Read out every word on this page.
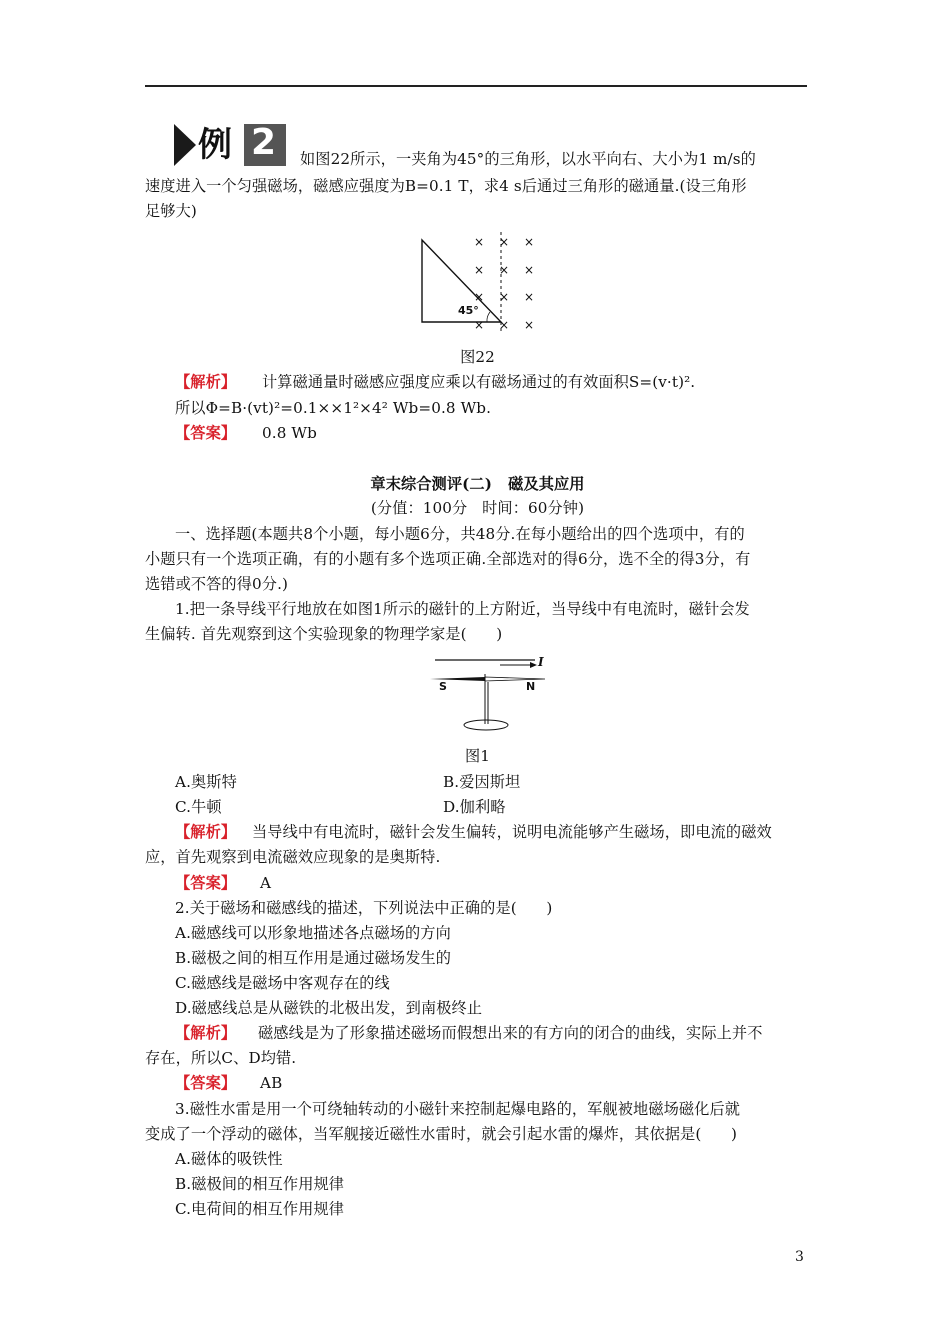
例 2 如图22所示，一夹角为45°的三角形，以水平向右、大小为1 m/s的
速度进入一个匀强磁场，磁感应强度为B=0.1 T，求4 s后通过三角形的磁通量.(设三角形
足够大)
× × ×
× × ×
× × ×
× × ×
45°
图22
【解析】	计算磁通量时磁感应强度应乘以有磁场通过的有效面积S=(v·t)².
所以Φ=B·(vt)²=0.1××1²×4² Wb=0.8 Wb.
【答案】	0.8 Wb
章末综合测评(二)   磁及其应用
(分值：100分   时间：60分钟)
一、选择题(本题共8个小题，每小题6分，共48分.在每小题给出的四个选项中，有的
小题只有一个选项正确，有的小题有多个选项正确.全部选对的得6分，选不全的得3分，有
选错或不答的得0分.)
1.把一条导线平行地放在如图1所示的磁针的上方附近，当导线中有电流时，磁针会发
生偏转. 首先观察到这个实验现象的物理学家是(      )
I
S	N
图1
A.奥斯特	B.爱因斯坦
C.牛顿	D.伽利略
【解析】	当导线中有电流时，磁针会发生偏转，说明电流能够产生磁场，即电流的磁效
应，首先观察到电流磁效应现象的是奥斯特.
【答案】	A
2.关于磁场和磁感线的描述，下列说法中正确的是(      )
A.磁感线可以形象地描述各点磁场的方向
B.磁极之间的相互作用是通过磁场发生的
C.磁感线是磁场中客观存在的线
D.磁感线总是从磁铁的北极出发，到南极终止
【解析】	磁感线是为了形象描述磁场而假想出来的有方向的闭合的曲线，实际上并不
存在，所以C、D均错.
【答案】	AB
3.磁性水雷是用一个可绕轴转动的小磁针来控制起爆电路的，军舰被地磁场磁化后就
变成了一个浮动的磁体，当军舰接近磁性水雷时，就会引起水雷的爆炸，其依据是(      )
A.磁体的吸铁性
B.磁极间的相互作用规律
C.电荷间的相互作用规律
3
